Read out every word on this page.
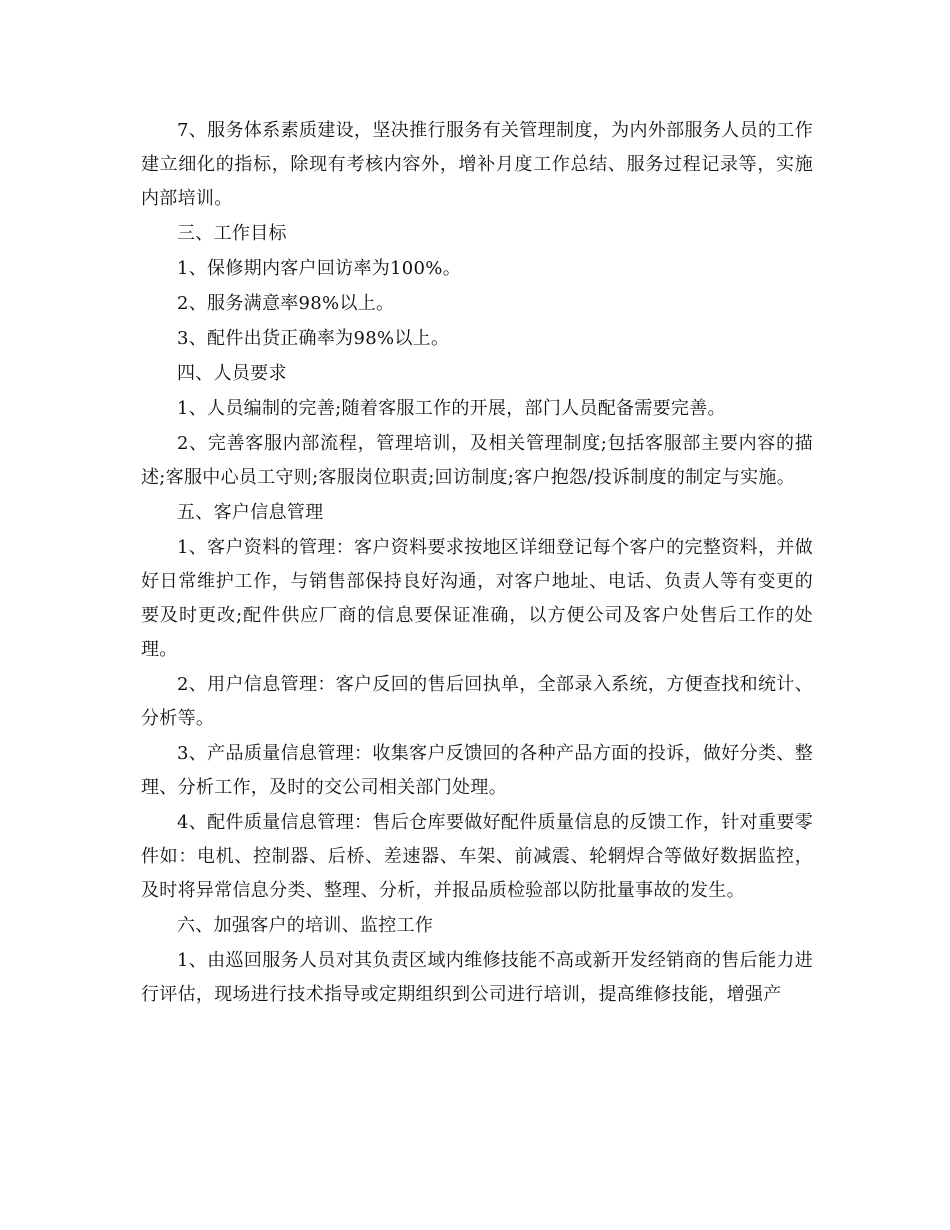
7、服务体系素质建设，坚决推行服务有关管理制度，为内外部服务人员的工作建立细化的指标，除现有考核内容外，增补月度工作总结、服务过程记录等，实施内部培训。

三、工作目标

1、保修期内客户回访率为100%。

2、服务满意率98%以上。

3、配件出货正确率为98%以上。

四、人员要求

1、人员编制的完善;随着客服工作的开展，部门人员配备需要完善。

2、完善客服内部流程，管理培训，及相关管理制度;包括客服部主要内容的描述;客服中心员工守则;客服岗位职责;回访制度;客户抱怨/投诉制度的制定与实施。

五、客户信息管理

1、客户资料的管理：客户资料要求按地区详细登记每个客户的完整资料，并做好日常维护工作，与销售部保持良好沟通，对客户地址、电话、负责人等有变更的要及时更改;配件供应厂商的信息要保证准确，以方便公司及客户处售后工作的处理。

2、用户信息管理：客户反回的售后回执单，全部录入系统，方便查找和统计、分析等。

3、产品质量信息管理：收集客户反馈回的各种产品方面的投诉，做好分类、整理、分析工作，及时的交公司相关部门处理。

4、配件质量信息管理：售后仓库要做好配件质量信息的反馈工作，针对重要零件如：电机、控制器、后桥、差速器、车架、前减震、轮辋焊合等做好数据监控，及时将异常信息分类、整理、分析，并报品质检验部以防批量事故的发生。

六、加强客户的培训、监控工作

1、由巡回服务人员对其负责区域内维修技能不高或新开发经销商的售后能力进行评估，现场进行技术指导或定期组织到公司进行培训，提高维修技能，增强产
